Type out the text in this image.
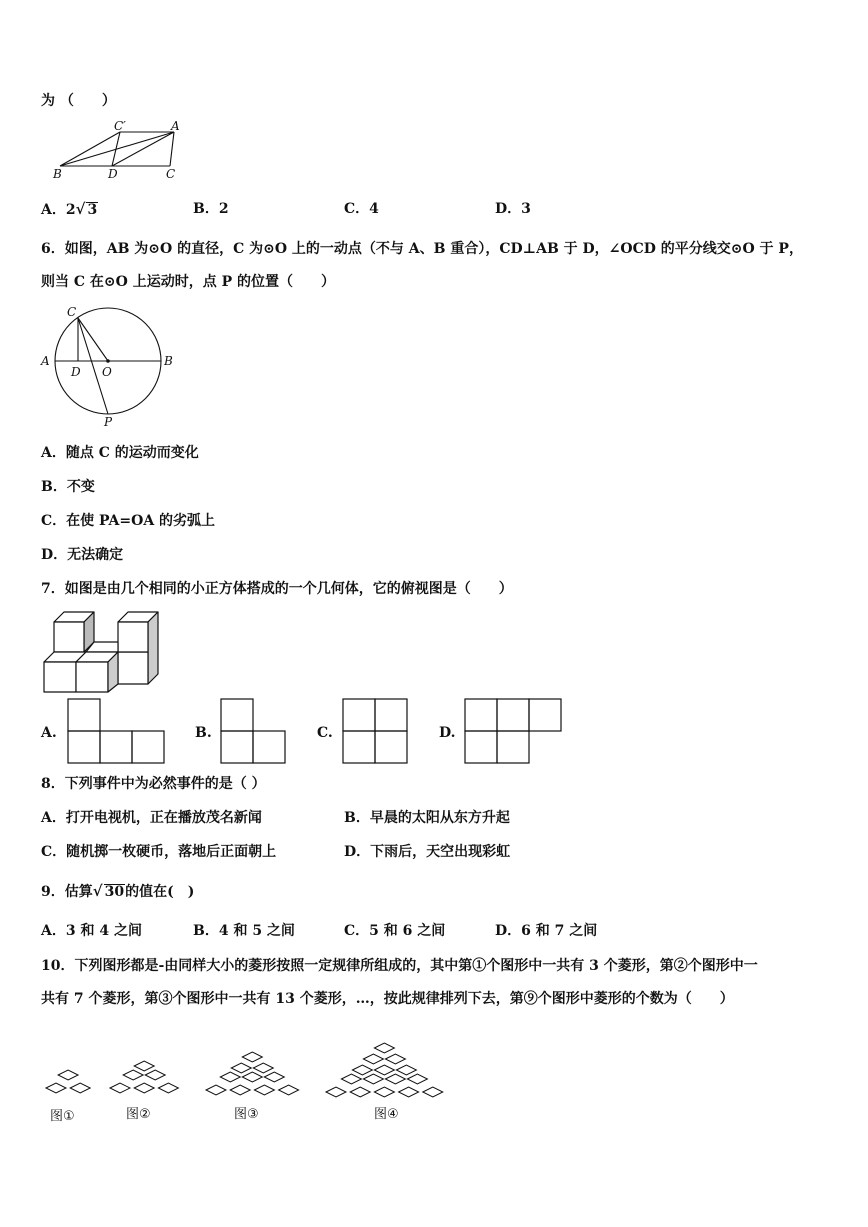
为 （　　）
C′	A
B	D	C
A．2√ 3	B．2	C．4	D．3
6．如图，AB 为⊙O 的直径，C 为⊙O 上的一动点（不与 A、B 重合），CD⊥AB 于 D，∠OCD 的平分线交⊙O 于 P，
则当 C 在⊙O 上运动时，点 P 的位置（　　）
C
A	B
D O
P
A．随点 C 的运动而变化
B．不变
C．在使 PA=OA 的劣弧上
D．无法确定
7．如图是由几个相同的小正方体搭成的一个几何体，它的俯视图是（　　）
A.	B.	C.	D.
8．下列事件中为必然事件的是（ ）
A．打开电视机，正在播放茂名新闻	B．早晨的太阳从东方升起
C．随机掷一枚硬币，落地后正面朝上	D．下雨后，天空出现彩虹
9．估算√ 30的值在(　)
A．3 和 4 之间	B．4 和 5 之间	C．5 和 6 之间	D．6 和 7 之间
10．下列图形都是-由同样大小的菱形按照一定规律所组成的，其中第①个图形中一共有 3 个菱形，第②个图形中一
共有 7 个菱形，第③个图形中一共有 13 个菱形，…，按此规律排列下去，第⑨个图形中菱形的个数为（　　）
图①	图②	图③	图④
